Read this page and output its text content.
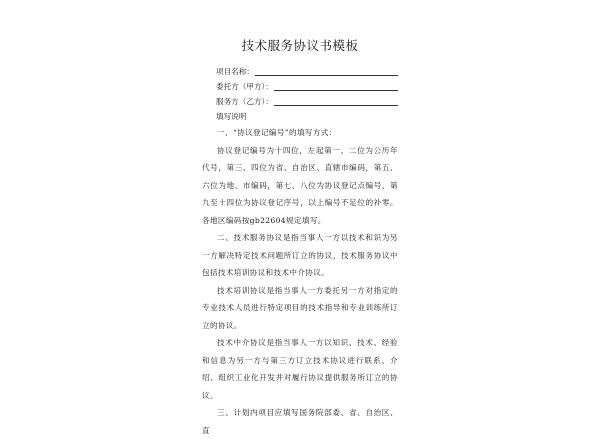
技术服务协议书模板
项目名称：
委托方（甲方）：
服务方（乙方）：
填写说明

一、“协议登记编号”的填写方式：

协议登记编号为十四位，左起第一、二位为公历年代号，第三、四位为省、自治区、直辖市编码，第五、六位为地、市编码，第七、八位为协议登记点编号，第九至十四位为协议登记序号，以上编号不足位的补零。各地区编码按gb22604规定填写。

二、技术服务协议是指当事人一方以技术和识为另一方解决特定技术问题所订立的协议，技术服务协议中包括技术培训协议和技术中介协议。

技术培训协议是指当事人一方委托另一方对指定的专业技术人员进行特定项目的技术指导和专业训练所订立的协议。

技术中介协议是指当事人一方以知识、技术、经验和信息为另一方与第三方订立技术协议进行联系、介绍、组织工业化开发并对履行协议提供服务所订立的协议。

三、计划内项目应填写国务院部委、省、自治区、直
